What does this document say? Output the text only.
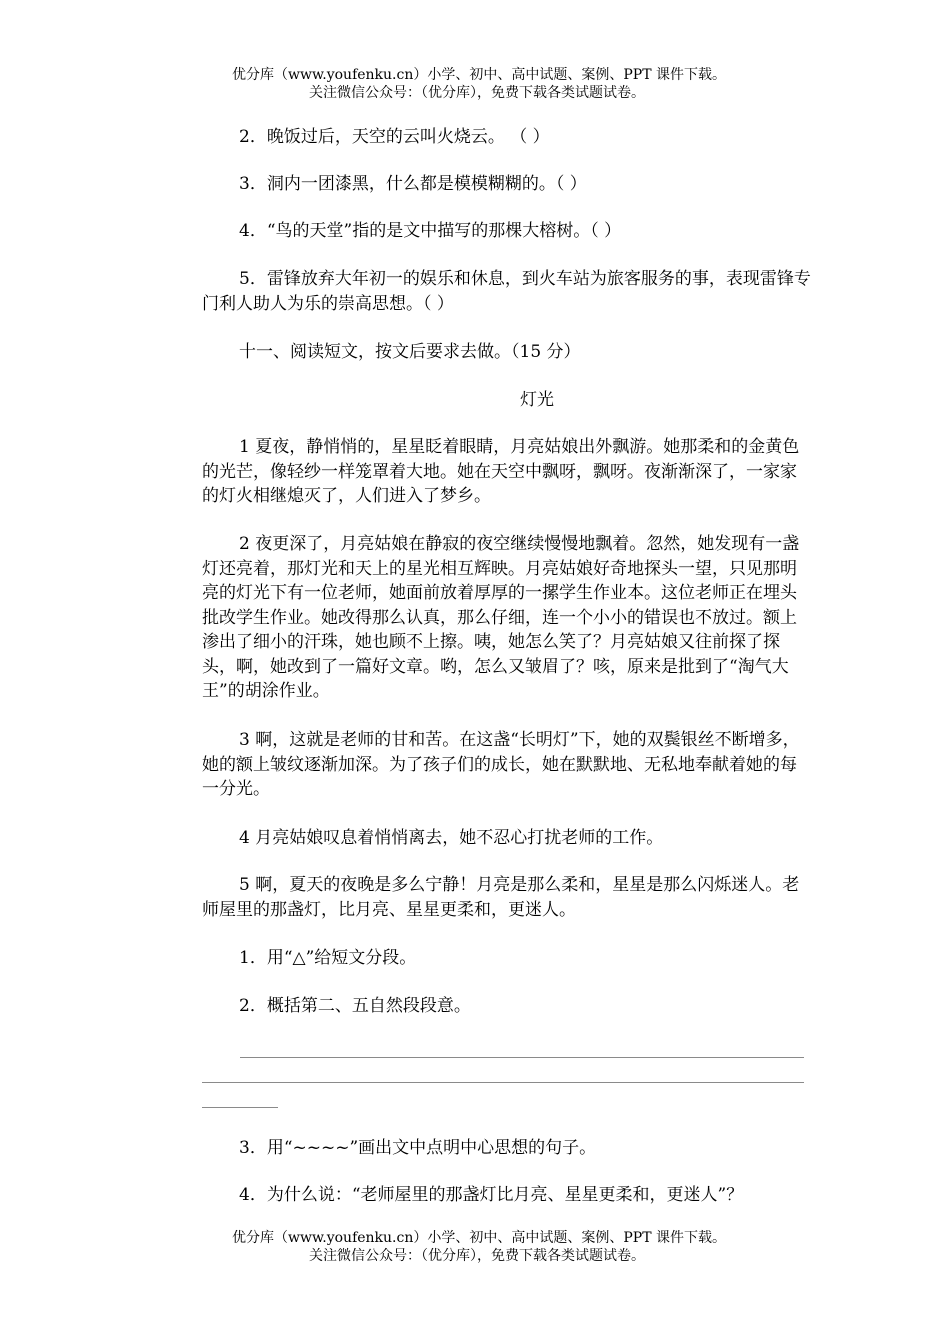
优分库（www.youfenku.cn）小学、初中、高中试题、案例、PPT 课件下载。
关注微信公众号：（优分库），免费下载各类试题试卷。
2．晚饭过后，天空的云叫火烧云。 （ ）
3．洞内一团漆黑，什么都是模模糊糊的。（ ）
4．“鸟的天堂”指的是文中描写的那棵大榕树。（ ）
5．雷锋放弃大年初一的娱乐和休息，到火车站为旅客服务的事，表现雷锋专门利人助人为乐的崇高思想。（ ）
十一、阅读短文，按文后要求去做。（15 分）
灯光
1 夏夜，静悄悄的，星星眨着眼睛，月亮姑娘出外飘游。她那柔和的金黄色的光芒，像轻纱一样笼罩着大地。她在天空中飘呀，飘呀。夜渐渐深了，一家家的灯火相继熄灭了，人们进入了梦乡。
2 夜更深了，月亮姑娘在静寂的夜空继续慢慢地飘着。忽然，她发现有一盏灯还亮着，那灯光和天上的星光相互辉映。月亮姑娘好奇地探头一望，只见那明亮的灯光下有一位老师，她面前放着厚厚的一摞学生作业本。这位老师正在埋头批改学生作业。她改得那么认真，那么仔细，连一个小小的错误也不放过。额上渗出了细小的汗珠，她也顾不上擦。咦，她怎么笑了？月亮姑娘又往前探了探头，啊，她改到了一篇好文章。哟，怎么又皱眉了？咳，原来是批到了“淘气大王”的胡涂作业。
3 啊，这就是老师的甘和苦。在这盏“长明灯”下，她的双鬓银丝不断增多，她的额上皱纹逐渐加深。为了孩子们的成长，她在默默地、无私地奉献着她的每一分光。
4 月亮姑娘叹息着悄悄离去，她不忍心打扰老师的工作。
5 啊，夏天的夜晚是多么宁静！月亮是那么柔和，星星是那么闪烁迷人。老师屋里的那盏灯，比月亮、星星更柔和，更迷人。
1．用“△”给短文分段。
2．概括第二、五自然段段意。
3．用“~~~~”画出文中点明中心思想的句子。
4．为什么说：“老师屋里的那盏灯比月亮、星星更柔和，更迷人”？
优分库（www.youfenku.cn）小学、初中、高中试题、案例、PPT 课件下载。
关注微信公众号：（优分库），免费下载各类试题试卷。
